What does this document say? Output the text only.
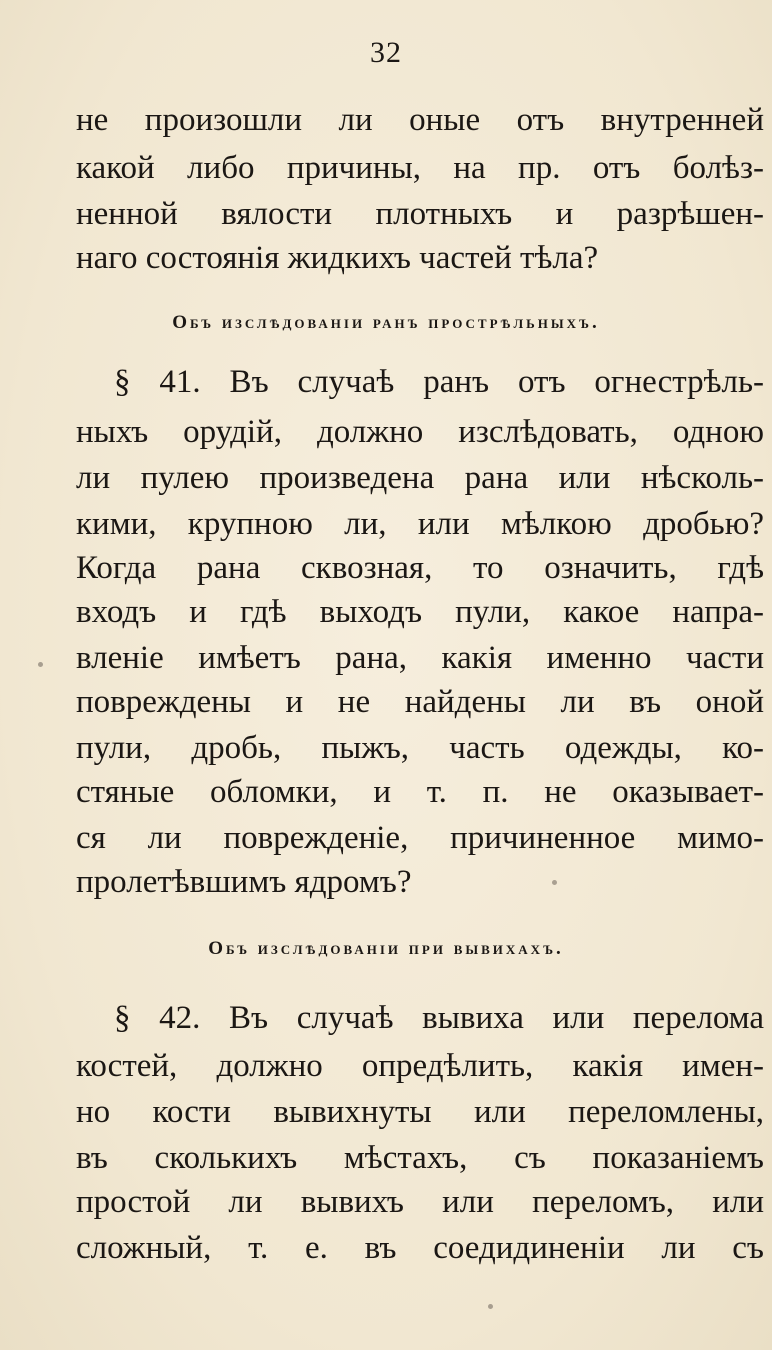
32
не произошли ли оные отъ внутренней
какой либо причины, на пр. отъ болѣз-
ненной вялости плотныхъ и разрѣшен-
наго состоянія жидкихъ частей тѣла?
Объ изслѣдованіи ранъ прострѣльныхъ.
§ 41. Въ случаѣ ранъ отъ огнестрѣль-
ныхъ орудій, должно изслѣдовать, одною
ли пулею произведена рана или нѣсколь-
кими, крупною ли, или мѣлкою дробью?
Когда рана сквозная, то означить, гдѣ
входъ и гдѣ выходъ пули, какое напра-
вленіе имѣетъ рана, какія именно части
повреждены и не найдены ли въ оной
пули, дробь, пыжъ, часть одежды, ко-
стяные обломки, и т. п. не оказывает-
ся ли поврежденіе, причиненное мимо-
пролетѣвшимъ ядромъ?
Объ изслѣдованіи при вывихахъ.
§ 42. Въ случаѣ вывиха или перелома
костей, должно опредѣлить, какія имен-
но кости вывихнуты или переломлены,
въ сколькихъ мѣстахъ, съ показаніемъ
простой ли вывихъ или переломъ, или
сложный, т. е. въ соедидиненіи ли съ
